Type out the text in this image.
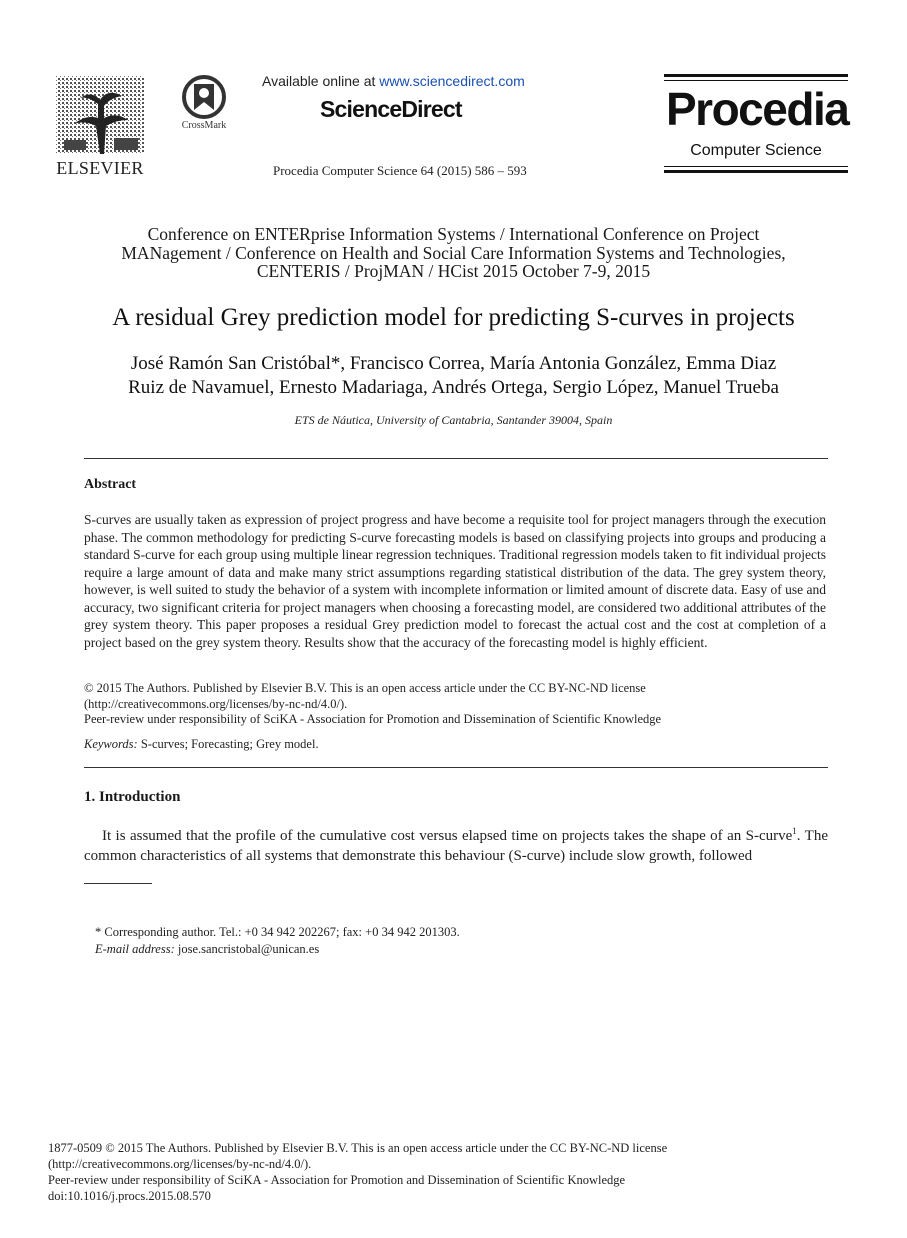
ELSEVIER
CrossMark
Available online at www.sciencedirect.com
ScienceDirect
Procedia Computer Science 64 (2015) 586 – 593
Procedia
Computer Science
Conference on ENTERprise Information Systems / International Conference on Project
MANagement / Conference on Health and Social Care Information Systems and Technologies,
CENTERIS / ProjMAN / HCist 2015 October 7-9, 2015
A residual Grey prediction model for predicting S-curves in projects
José Ramón San Cristóbal*, Francisco Correa, María Antonia González, Emma Diaz
Ruiz de Navamuel, Ernesto Madariaga, Andrés Ortega, Sergio López, Manuel Trueba
ETS de Náutica, University of Cantabria, Santander 39004, Spain
Abstract
S-curves are usually taken as expression of project progress and have become a requisite tool for project managers through the execution phase. The common methodology for predicting S-curve forecasting models is based on classifying projects into groups and producing a standard S-curve for each group using multiple linear regression techniques. Traditional regression models taken to fit individual projects require a large amount of data and make many strict assumptions regarding statistical distribution of the data. The grey system theory, however, is well suited to study the behavior of a system with incomplete information or limited amount of discrete data. Easy of use and accuracy, two significant criteria for project managers when choosing a forecasting model, are considered two additional attributes of the grey system theory. This paper proposes a residual Grey prediction model to forecast the actual cost and the cost at completion of a project based on the grey system theory. Results show that the accuracy of the forecasting model is highly efficient.
© 2015 The Authors. Published by Elsevier B.V. This is an open access article under the CC BY-NC-ND license
(http://creativecommons.org/licenses/by-nc-nd/4.0/).
Peer-review under responsibility of SciKA - Association for Promotion and Dissemination of Scientific Knowledge
Keywords: S-curves; Forecasting; Grey model.
1. Introduction

It is assumed that the profile of the cumulative cost versus elapsed time on projects takes the shape of an S-curve$^1$. The common characteristics of all systems that demonstrate this behaviour (S-curve) include slow growth, followed

* Corresponding author. Tel.: +0 34 942 202267; fax: +0 34 942 201303.
E-mail address: jose.sancristobal@unican.es
1877-0509 © 2015 The Authors. Published by Elsevier B.V. This is an open access article under the CC BY-NC-ND license
(http://creativecommons.org/licenses/by-nc-nd/4.0/).
Peer-review under responsibility of SciKA - Association for Promotion and Dissemination of Scientific Knowledge
doi:10.1016/j.procs.2015.08.570
